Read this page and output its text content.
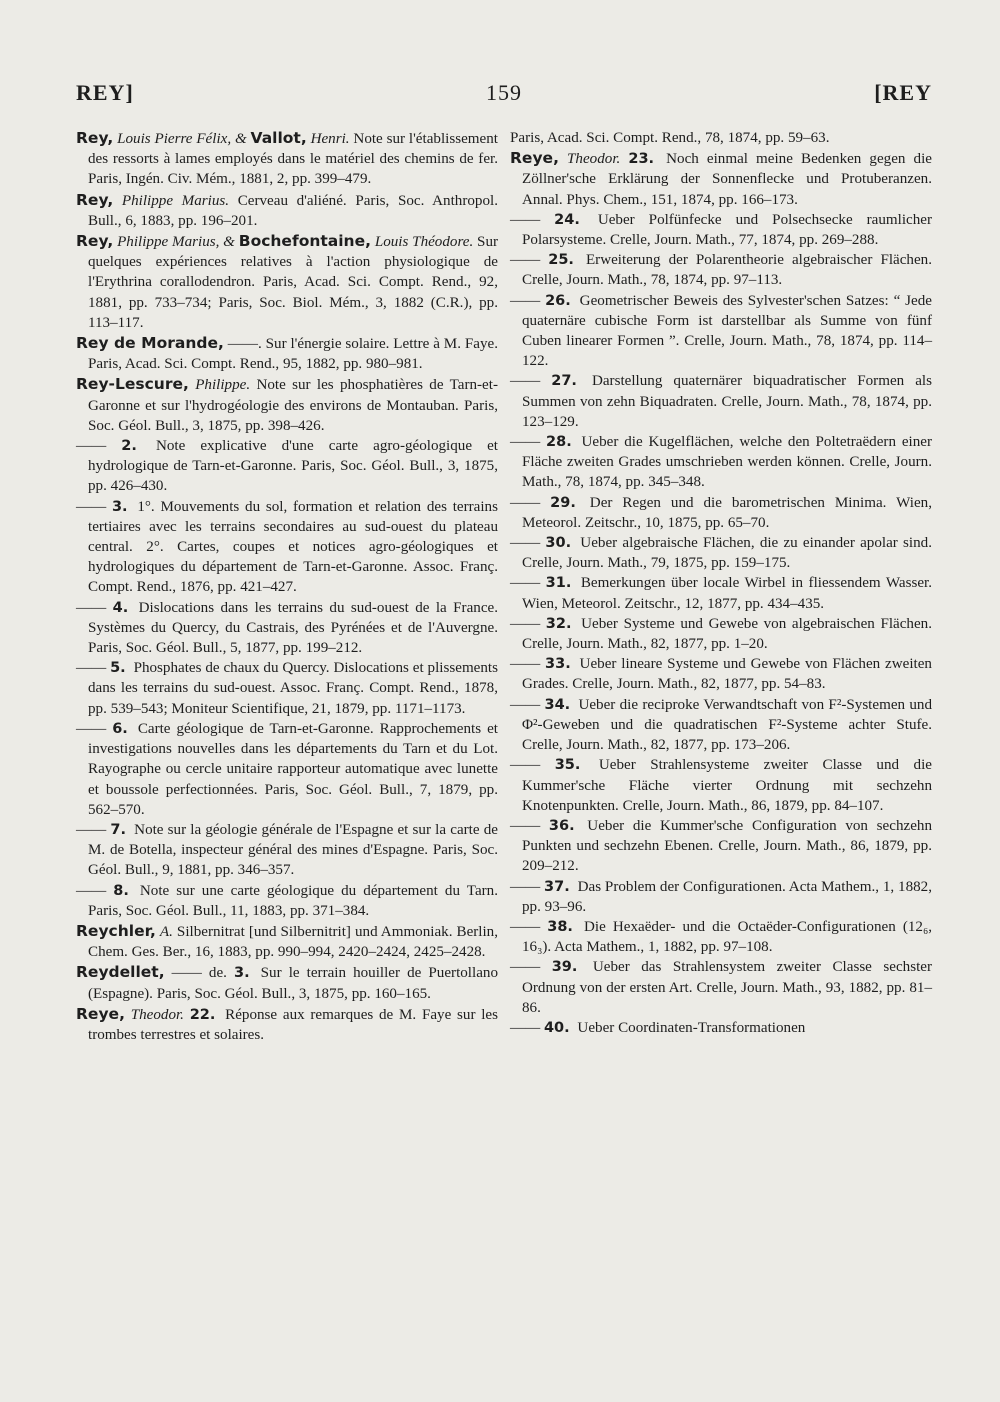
REY]	159	[REY

Rey, Louis Pierre Félix, & Vallot, Henri. Note sur l'établissement des ressorts à lames employés dans le matériel des chemins de fer. Paris, Ingén. Civ. Mém., 1881, 2, pp. 399–479.

Rey, Philippe Marius. Cerveau d'aliéné. Paris, Soc. Anthropol. Bull., 6, 1883, pp. 196–201.

Rey, Philippe Marius, & Bochefontaine, Louis Théodore. Sur quelques expériences relatives à l'action physiologique de l'Erythrina corallodendron. Paris, Acad. Sci. Compt. Rend., 92, 1881, pp. 733–734; Paris, Soc. Biol. Mém., 3, 1882 (C.R.), pp. 113–117.

Rey de Morande, ——. Sur l'énergie solaire. Lettre à M. Faye. Paris, Acad. Sci. Compt. Rend., 95, 1882, pp. 980–981.

Rey-Lescure, Philippe. Note sur les phosphatières de Tarn-et-Garonne et sur l'hydrogéologie des environs de Montauban. Paris, Soc. Géol. Bull., 3, 1875, pp. 398–426.

—— 2. Note explicative d'une carte agro-géologique et hydrologique de Tarn-et-Garonne. Paris, Soc. Géol. Bull., 3, 1875, pp. 426–430.

—— 3. 1°. Mouvements du sol, formation et relation des terrains tertiaires avec les terrains secondaires au sud-ouest du plateau central. 2°. Cartes, coupes et notices agro-géologiques et hydrologiques du département de Tarn-et-Garonne. Assoc. Franç. Compt. Rend., 1876, pp. 421–427.

—— 4. Dislocations dans les terrains du sud-ouest de la France. Systèmes du Quercy, du Castrais, des Pyrénées et de l'Auvergne. Paris, Soc. Géol. Bull., 5, 1877, pp. 199–212.

—— 5. Phosphates de chaux du Quercy. Dislocations et plissements dans les terrains du sud-ouest. Assoc. Franç. Compt. Rend., 1878, pp. 539–543; Moniteur Scientifique, 21, 1879, pp. 1171–1173.

—— 6. Carte géologique de Tarn-et-Garonne. Rapprochements et investigations nouvelles dans les départements du Tarn et du Lot. Rayographe ou cercle unitaire rapporteur automatique avec lunette et boussole perfectionnées. Paris, Soc. Géol. Bull., 7, 1879, pp. 562–570.

—— 7. Note sur la géologie générale de l'Espagne et sur la carte de M. de Botella, inspecteur général des mines d'Espagne. Paris, Soc. Géol. Bull., 9, 1881, pp. 346–357.

—— 8. Note sur une carte géologique du département du Tarn. Paris, Soc. Géol. Bull., 11, 1883, pp. 371–384.

Reychler, A. Silbernitrat [und Silbernitrit] und Ammoniak. Berlin, Chem. Ges. Ber., 16, 1883, pp. 990–994, 2420–2424, 2425–2428.

Reydellet, —— de. 3. Sur le terrain houiller de Puertollano (Espagne). Paris, Soc. Géol. Bull., 3, 1875, pp. 160–165.

Reye, Theodor. 22. Réponse aux remarques de M. Faye sur les trombes terrestres et solaires.

Paris, Acad. Sci. Compt. Rend., 78, 1874, pp. 59–63.

Reye, Theodor. 23. Noch einmal meine Bedenken gegen die Zöllner'sche Erklärung der Sonnenflecke und Protuberanzen. Annal. Phys. Chem., 151, 1874, pp. 166–173.

—— 24. Ueber Polfünfecke und Polsechsecke raumlicher Polarsysteme. Crelle, Journ. Math., 77, 1874, pp. 269–288.

—— 25. Erweiterung der Polarentheorie algebraischer Flächen. Crelle, Journ. Math., 78, 1874, pp. 97–113.

—— 26. Geometrischer Beweis des Sylvester'schen Satzes: “ Jede quaternäre cubische Form ist darstellbar als Summe von fünf Cuben linearer Formen ”. Crelle, Journ. Math., 78, 1874, pp. 114–122.

—— 27. Darstellung quaternärer biquadratischer Formen als Summen von zehn Biquadraten. Crelle, Journ. Math., 78, 1874, pp. 123–129.

—— 28. Ueber die Kugelflächen, welche den Poltetraëdern einer Fläche zweiten Grades umschrieben werden können. Crelle, Journ. Math., 78, 1874, pp. 345–348.

—— 29. Der Regen und die barometrischen Minima. Wien, Meteorol. Zeitschr., 10, 1875, pp. 65–70.

—— 30. Ueber algebraische Flächen, die zu einander apolar sind. Crelle, Journ. Math., 79, 1875, pp. 159–175.

—— 31. Bemerkungen über locale Wirbel in fliessendem Wasser. Wien, Meteorol. Zeitschr., 12, 1877, pp. 434–435.

—— 32. Ueber Systeme und Gewebe von algebraischen Flächen. Crelle, Journ. Math., 82, 1877, pp. 1–20.

—— 33. Ueber lineare Systeme und Gewebe von Flächen zweiten Grades. Crelle, Journ. Math., 82, 1877, pp. 54–83.

—— 34. Ueber die reciproke Verwandtschaft von F²-Systemen und Φ²-Geweben und die quadratischen F²-Systeme achter Stufe. Crelle, Journ. Math., 82, 1877, pp. 173–206.

—— 35. Ueber Strahlensysteme zweiter Classe und die Kummer'sche Fläche vierter Ordnung mit sechzehn Knotenpunkten. Crelle, Journ. Math., 86, 1879, pp. 84–107.

—— 36. Ueber die Kummer'sche Configuration von sechzehn Punkten und sechzehn Ebenen. Crelle, Journ. Math., 86, 1879, pp. 209–212.

—— 37. Das Problem der Configurationen. Acta Mathem., 1, 1882, pp. 93–96.

—— 38. Die Hexaëder- und die Octaëder-Configurationen (12₆, 16₃). Acta Mathem., 1, 1882, pp. 97–108.

—— 39. Ueber das Strahlensystem zweiter Classe sechster Ordnung von der ersten Art. Crelle, Journ. Math., 93, 1882, pp. 81–86.

—— 40. Ueber Coordinaten-Transformationen
